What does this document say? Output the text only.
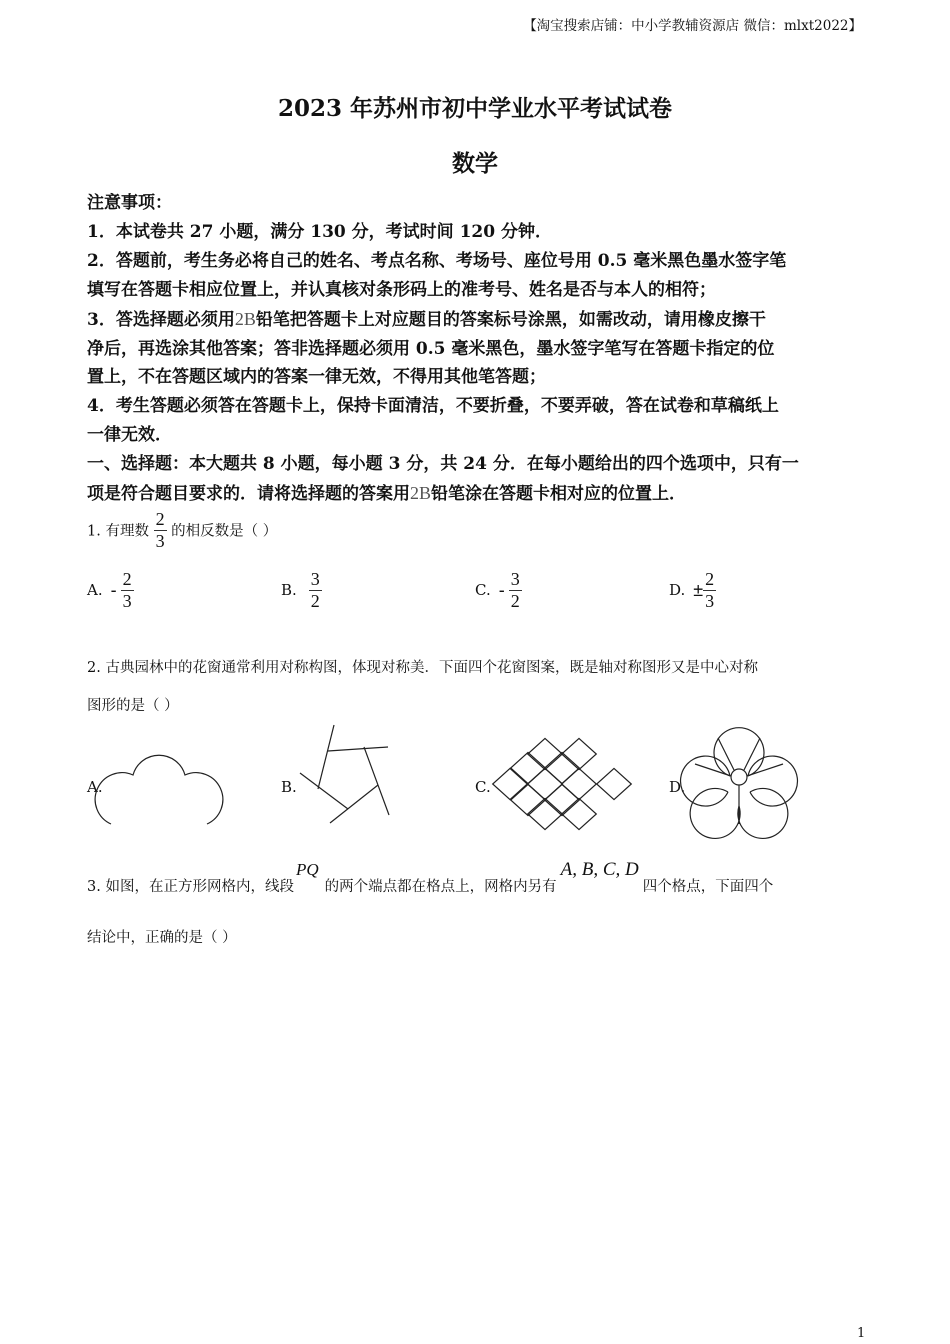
【淘宝搜索店铺：中小学教辅资源店 微信：mlxt2022】
2023 年苏州市初中学业水平考试试卷
数学
注意事项：
1．本试卷共 27 小题，满分 130 分，考试时间 120 分钟．
2．答题前，考生务必将自己的姓名、考点名称、考场号、座位号用 0.5 毫米黑色墨水签字笔
填写在答题卡相应位置上，并认真核对条形码上的准考号、姓名是否与本人的相符；
3．答选择题必须用2B铅笔把答题卡上对应题目的答案标号涂黑，如需改动，请用橡皮擦干
净后，再选涂其他答案；答非选择题必须用 0.5 毫米黑色，墨水签字笔写在答题卡指定的位
置上，不在答题区域内的答案一律无效，不得用其他笔答题；
4．考生答题必须答在答题卡上，保持卡面清洁，不要折叠，不要弄破，答在试卷和草稿纸上
一律无效．
一、选择题：本大题共 8 小题，每小题 3 分，共 24 分．在每小题给出的四个选项中，只有一
项是符合题目要求的．请将选择题的答案用2B铅笔涂在答题卡相对应的位置上．
1. 有理数 $\frac{2}{3}$ 的相反数是（ ）
A. - $\frac{2}{3}$	B. $\frac{3}{2}$	C. - $\frac{3}{2}$	D. ± $\frac{2}{3}$
2. 古典园林中的花窗通常利用对称构图，体现对称美．下面四个花窗图案，既是轴对称图形又是中心对称
图形的是（ ）
A.	B.	C.	D.
3. 如图，在正方形网格内，线段PQ的两个端点都在格点上，网格内另有A, B, C, D四个格点，下面四个
结论中，正确的是（ ）
1
